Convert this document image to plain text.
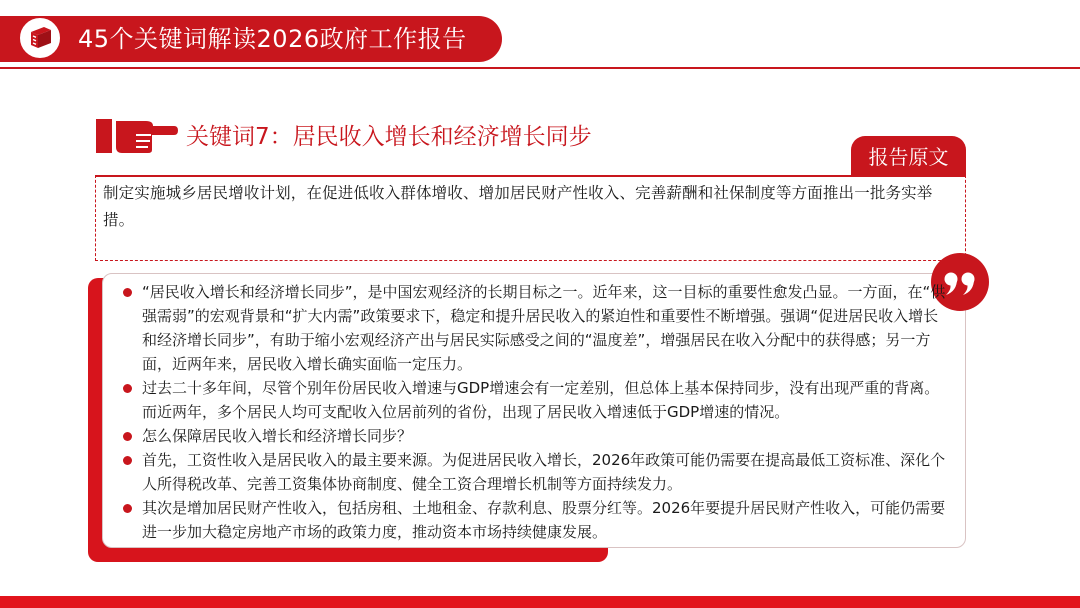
45个关键词解读2026政府工作报告
关键词7：居民收入增长和经济增长同步
报告原文
制定实施城乡居民增收计划，在促进低收入群体增收、增加居民财产性收入、完善薪酬和社保制度等方面推出一批务实举措。
“居民收入增长和经济增长同步”，是中国宏观经济的长期目标之一。近年来，这一目标的重要性愈发凸显。一方面，在“供强需弱”的宏观背景和“扩大内需”政策要求下，稳定和提升居民收入的紧迫性和重要性不断增强。强调“促进居民收入增长和经济增长同步”，有助于缩小宏观经济产出与居民实际感受之间的“温度差”，增强居民在收入分配中的获得感；另一方面，近两年来，居民收入增长确实面临一定压力。
过去二十多年间，尽管个别年份居民收入增速与GDP增速会有一定差别，但总体上基本保持同步，没有出现严重的背离。而近两年，多个居民人均可支配收入位居前列的省份，出现了居民收入增速低于GDP增速的情况。
怎么保障居民收入增长和经济增长同步？
首先，工资性收入是居民收入的最主要来源。为促进居民收入增长，2026年政策可能仍需要在提高最低工资标准、深化个人所得税改革、完善工资集体协商制度、健全工资合理增长机制等方面持续发力。
其次是增加居民财产性收入，包括房租、土地租金、存款利息、股票分红等。2026年要提升居民财产性收入，可能仍需要进一步加大稳定房地产市场的政策力度，推动资本市场持续健康发展。
